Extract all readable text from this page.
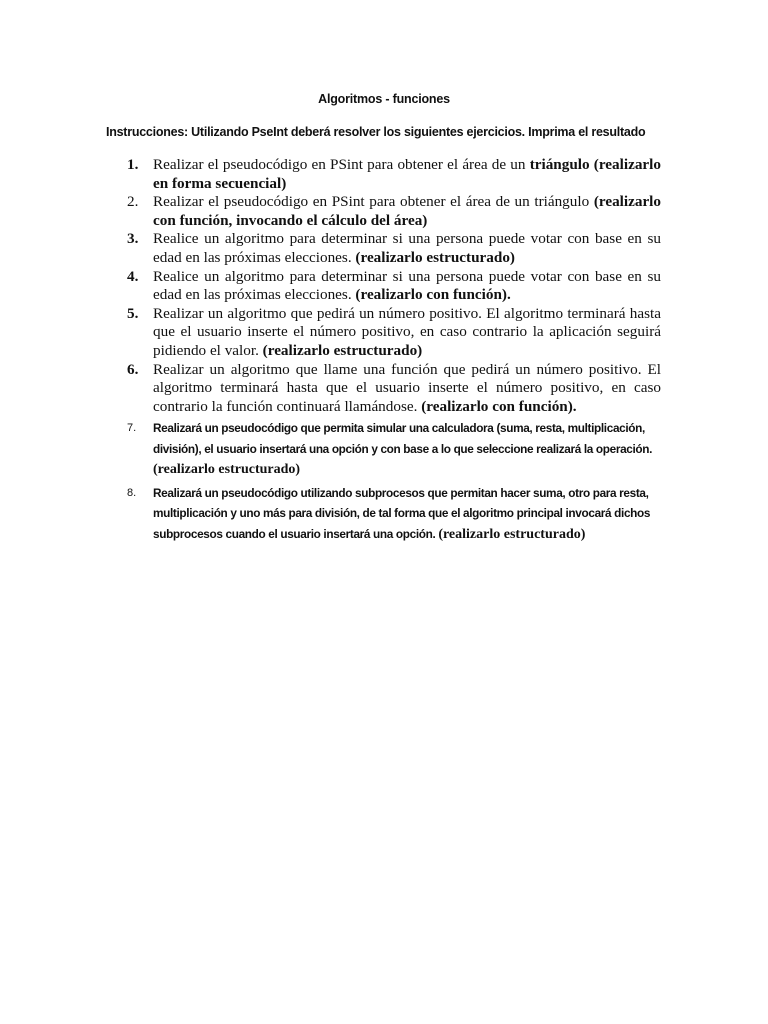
Algoritmos - funciones
Instrucciones: Utilizando PseInt deberá resolver los siguientes ejercicios. Imprima el resultado
1. Realizar el pseudocódigo en PSint para obtener el área de un triángulo (realizarlo en forma secuencial)
2. Realizar el pseudocódigo en PSint para obtener el área de un triángulo (realizarlo con función, invocando el cálculo del área)
3. Realice un algoritmo para determinar si una persona puede votar con base en su edad en las próximas elecciones. (realizarlo estructurado)
4. Realice un algoritmo para determinar si una persona puede votar con base en su edad en las próximas elecciones. (realizarlo con función).
5. Realizar un algoritmo que pedirá un número positivo. El algoritmo terminará hasta que el usuario inserte el número positivo, en caso contrario la aplicación seguirá pidiendo el valor. (realizarlo estructurado)
6. Realizar un algoritmo que llame una función que pedirá un número positivo. El algoritmo terminará hasta que el usuario inserte el número positivo, en caso contrario la función continuará llamándose. (realizarlo con función).
7.	Realizará un pseudocódigo que permita simular una calculadora (suma, resta, multiplicación, división), el usuario insertará una opción y con base a lo que seleccione realizará la operación. (realizarlo estructurado)
8.	Realizará un pseudocódigo utilizando subprocesos que permitan hacer suma, otro para resta, multiplicación y uno más para división, de tal forma que el algoritmo principal invocará dichos subprocesos cuando el usuario insertará una opción. (realizarlo estructurado)
